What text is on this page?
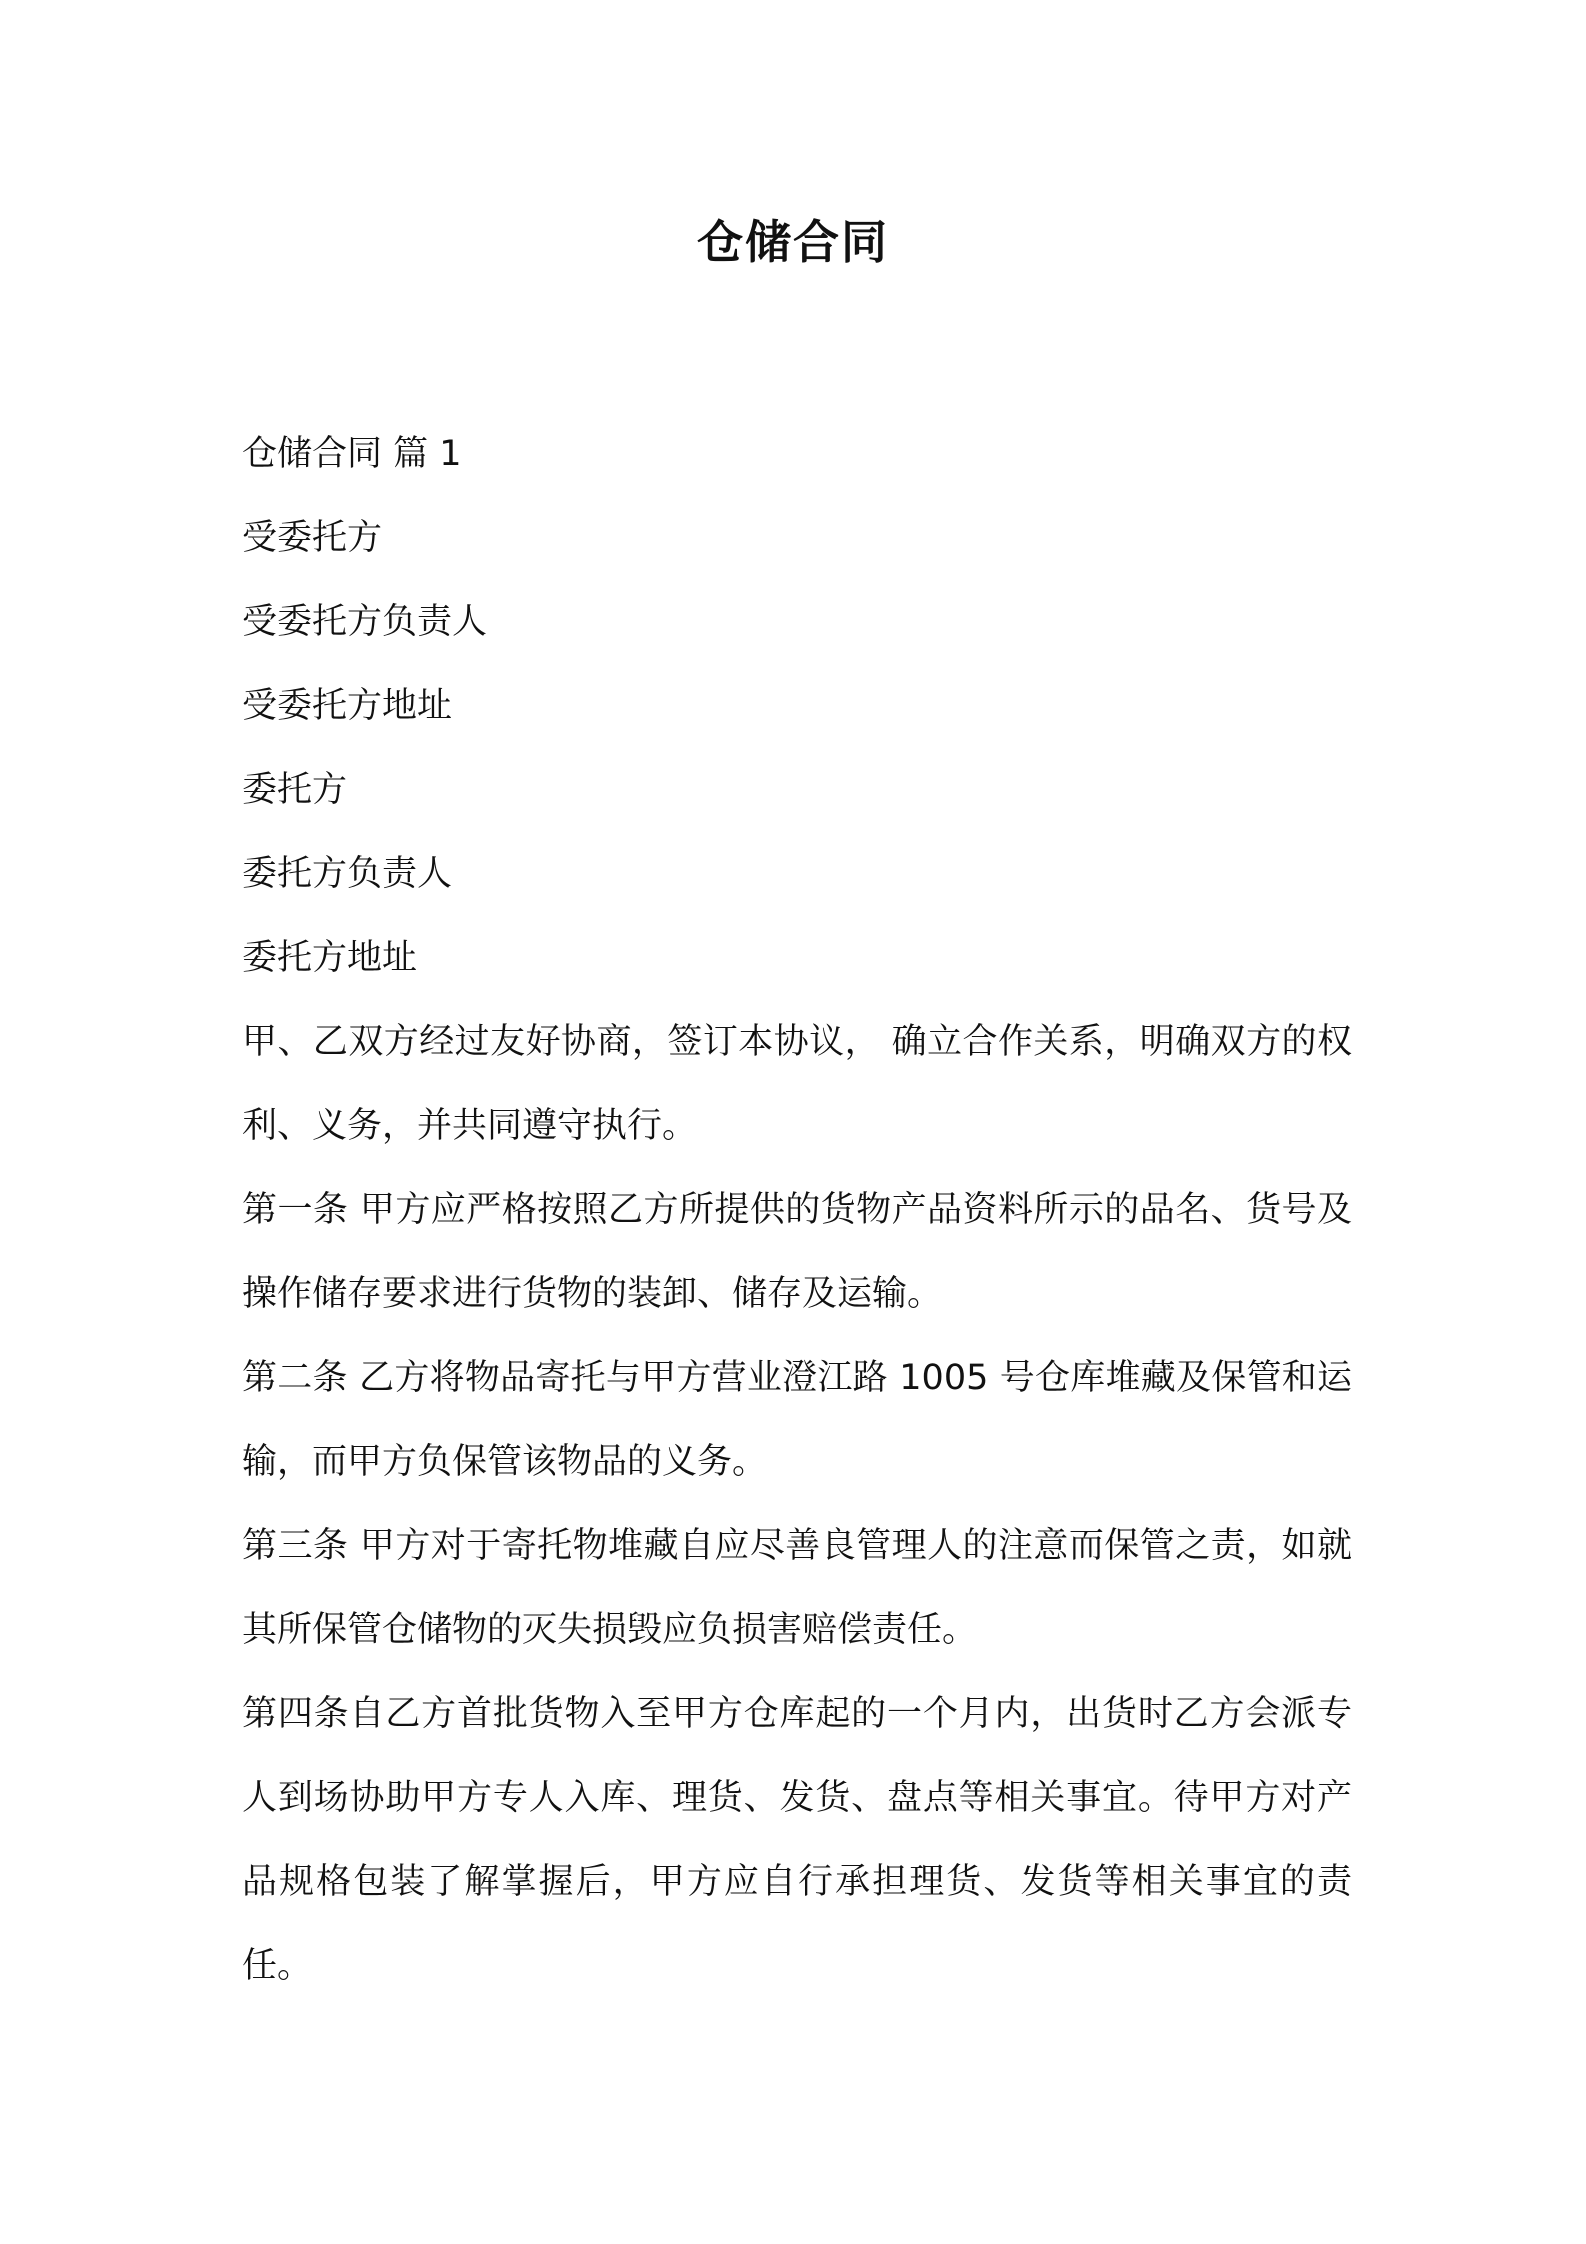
仓储合同

仓储合同 篇 1

受委托方

受委托方负责人

受委托方地址

委托方

委托方负责人

委托方地址

甲、乙双方经过友好协商，签订本协议， 确立合作关系，明确双方的权利、义务，并共同遵守执行。

第一条 甲方应严格按照乙方所提供的货物产品资料所示的品名、货号及操作储存要求进行货物的装卸、储存及运输。

第二条 乙方将物品寄托与甲方营业澄江路 1005 号仓库堆藏及保管和运输，而甲方负保管该物品的义务。

第三条 甲方对于寄托物堆藏自应尽善良管理人的注意而保管之责，如就其所保管仓储物的灭失损毁应负损害赔偿责任。

第四条自乙方首批货物入至甲方仓库起的一个月内，出货时乙方会派专人到场协助甲方专人入库、理货、发货、盘点等相关事宜。待甲方对产品规格包装了解掌握后，甲方应自行承担理货、发货等相关事宜的责任。
